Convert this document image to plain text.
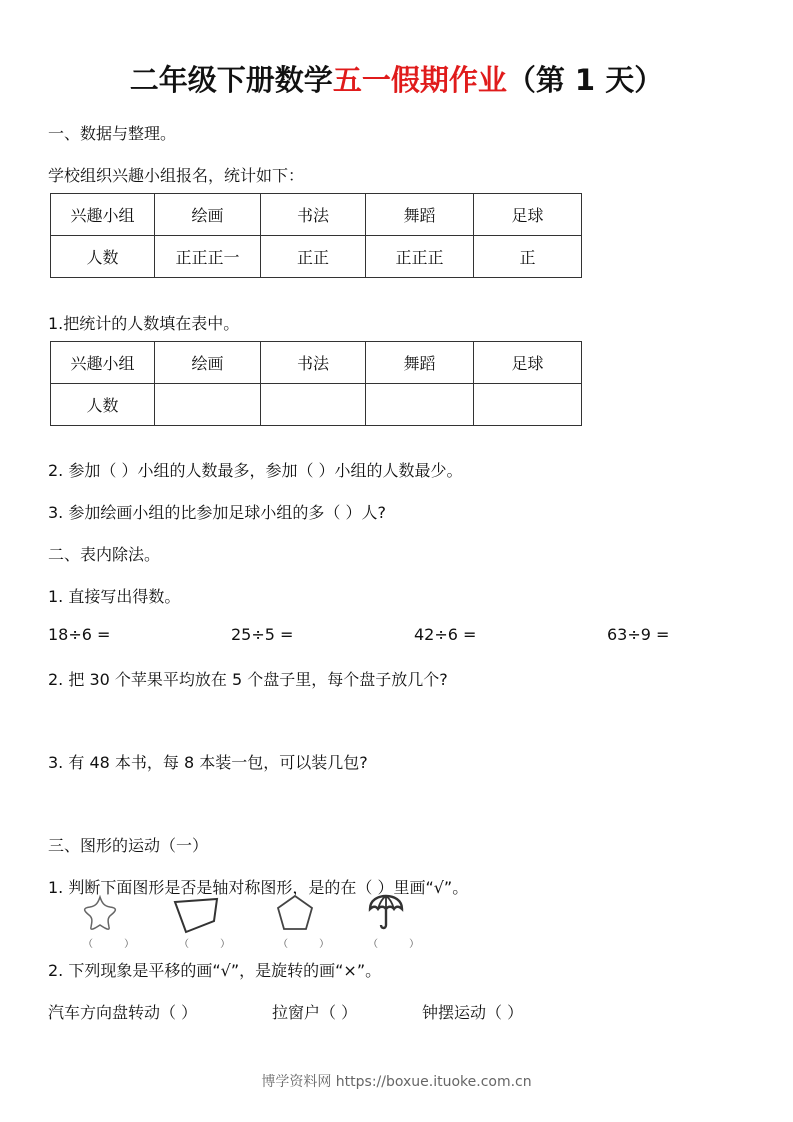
二年级下册数学五一假期作业（第 1 天）
一、数据与整理。
学校组织兴趣小组报名，统计如下：
兴趣小组	绘画	书法	舞蹈	足球
人数	正正正一	正正	正正正	正
1.把统计的人数填在表中。
兴趣小组	绘画	书法	舞蹈	足球
人数				
2. 参加（ ）小组的人数最多，参加（ ）小组的人数最少。
3. 参加绘画小组的比参加足球小组的多（ ）人?
二、表内除法。
1. 直接写出得数。
18÷6 =	25÷5 =	42÷6 =	63÷9 =
2. 把 30 个苹果平均放在 5 个盘子里，每个盘子放几个?
3. 有 48 本书，每 8 本装一包，可以装几包?
三、图形的运动（一）
1. 判断下面图形是否是轴对称图形，是的在（ ）里画“√”。
（ ）	（ ）	（ ） （ ）
2. 下列现象是平移的画“√”，是旋转的画“×”。
汽车方向盘转动（ ）	拉窗户（ ）	钟摆运动（ ）
博学资料网 https://boxue.ituoke.com.cn
